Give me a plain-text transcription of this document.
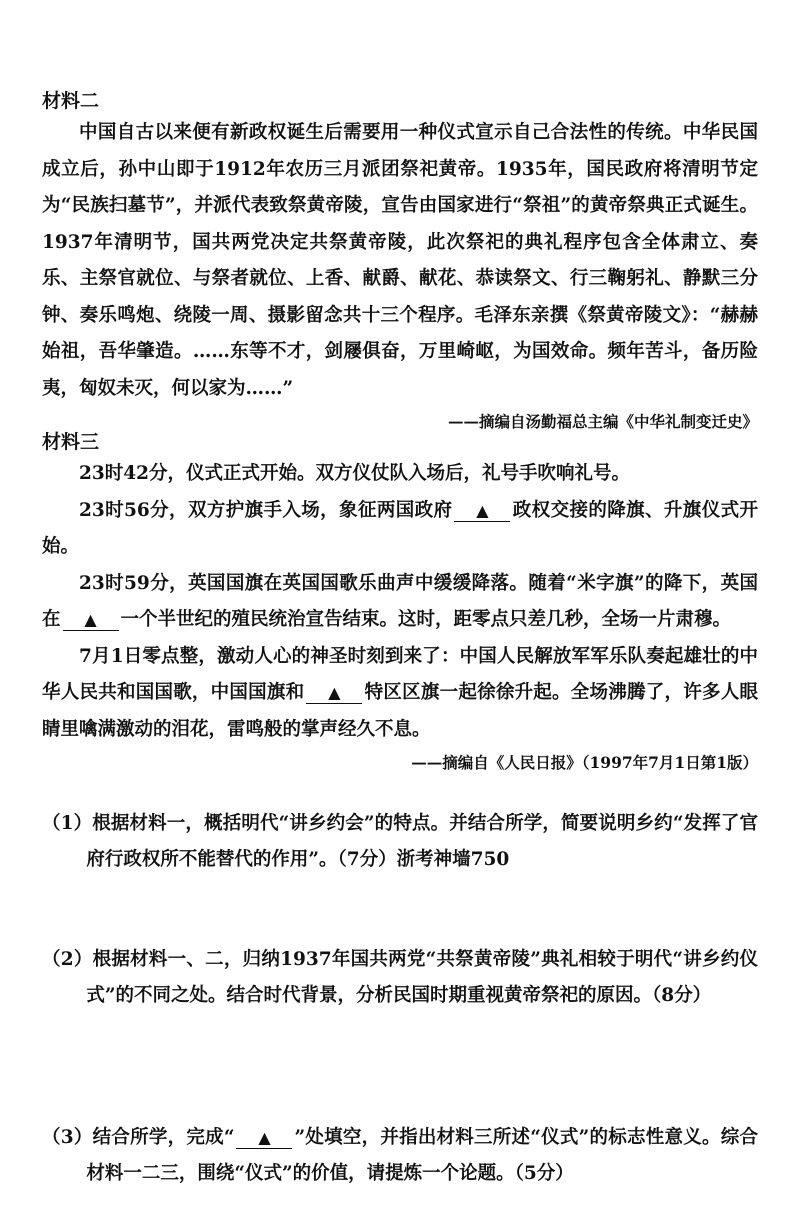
材料二

中国自古以来便有新政权诞生后需要用一种仪式宣示自己合法性的传统。中华民国成立后，孙中山即于1912年农历三月派团祭祀黄帝。1935年，国民政府将清明节定为“民族扫墓节”，并派代表致祭黄帝陵，宣告由国家进行“祭祖”的黄帝祭典正式诞生。1937年清明节，国共两党决定共祭黄帝陵，此次祭祀的典礼程序包含全体肃立、奏乐、主祭官就位、与祭者就位、上香、献爵、献花、恭读祭文、行三鞠躬礼、静默三分钟、奏乐鸣炮、绕陵一周、摄影留念共十三个程序。毛泽东亲撰《祭黄帝陵文》：“赫赫始祖，吾华肇造。……东等不才，剑屦俱奋，万里崎岖，为国效命。频年苦斗，备历险夷，匈奴未灭，何以家为……”

——摘编自汤勤福总主编《中华礼制变迁史》

材料三

23时42分，仪式正式开始。双方仪仗队入场后，礼号手吹响礼号。

23时56分，双方护旗手入场，象征两国政府 ▲ 政权交接的降旗、升旗仪式开始。

23时59分，英国国旗在英国国歌乐曲声中缓缓降落。随着“米字旗”的降下，英国在 ▲ 一个半世纪的殖民统治宣告结束。这时，距零点只差几秒，全场一片肃穆。

7月1日零点整，激动人心的神圣时刻到来了：中国人民解放军军乐队奏起雄壮的中华人民共和国国歌，中国国旗和 ▲ 特区区旗一起徐徐升起。全场沸腾了，许多人眼睛里噙满激动的泪花，雷鸣般的掌声经久不息。

——摘编自《人民日报》（1997年7月1日第1版）

（1）根据材料一，概括明代“讲乡约会”的特点。并结合所学，简要说明乡约“发挥了官府行政权所不能替代的作用”。（7分）浙考神墙750

（2）根据材料一、二，归纳1937年国共两党“共祭黄帝陵”典礼相较于明代“讲乡约仪式”的不同之处。结合时代背景，分析民国时期重视黄帝祭祀的原因。（8分）

（3）结合所学，完成“ ▲ ”处填空，并指出材料三所述“仪式”的标志性意义。综合材料一二三，围绕“仪式”的价值，请提炼一个论题。（5分）
